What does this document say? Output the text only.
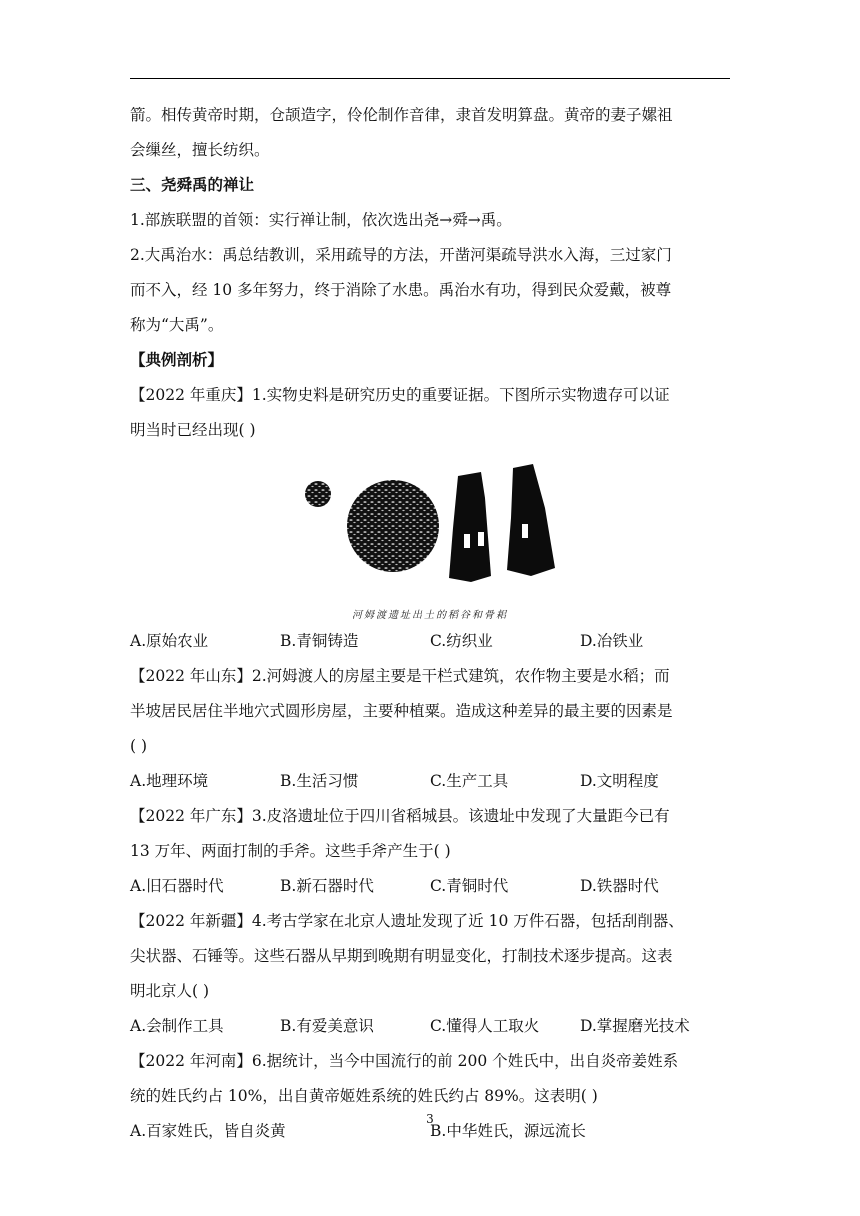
箭。相传黄帝时期，仓颉造字，伶伦制作音律，隶首发明算盘。黄帝的妻子嫘祖

会缫丝，擅长纺织。

三、尧舜禹的禅让

1.部族联盟的首领：实行禅让制，依次选出尧→舜→禹。

2.大禹治水：禹总结教训，采用疏导的方法，开凿河渠疏导洪水入海，三过家门

而不入，经 10 多年努力，终于消除了水患。禹治水有功，得到民众爱戴，被尊

称为“大禹”。

【典例剖析】

【2022 年重庆】1.实物史料是研究历史的重要证据。下图所示实物遗存可以证

明当时已经出现( )

河姆渡遗址出土的稻谷和骨耜
A.原始农业	B.青铜铸造	C.纺织业	D.冶铁业

【2022 年山东】2.河姆渡人的房屋主要是干栏式建筑，农作物主要是水稻；而

半坡居民居住半地穴式圆形房屋，主要种植粟。造成这种差异的最主要的因素是

( )

A.地理环境	B.生活习惯	C.生产工具	D.文明程度

【2022 年广东】3.皮洛遗址位于四川省稻城县。该遗址中发现了大量距今已有

13 万年、两面打制的手斧。这些手斧产生于( )

A.旧石器时代	B.新石器时代	C.青铜时代	D.铁器时代

【2022 年新疆】4.考古学家在北京人遗址发现了近 10 万件石器，包括刮削器、

尖状器、石锤等。这些石器从早期到晚期有明显变化，打制技术逐步提高。这表

明北京人( )

A.会制作工具	B.有爱美意识	C.懂得人工取火	D.掌握磨光技术

【2022 年河南】6.据统计，当今中国流行的前 200 个姓氏中，出自炎帝姜姓系

统的姓氏约占 10%，出自黄帝姬姓系统的姓氏约占 89%。这表明( )

A.百家姓氏，皆自炎黄	B.中华姓氏，源远流长
3
